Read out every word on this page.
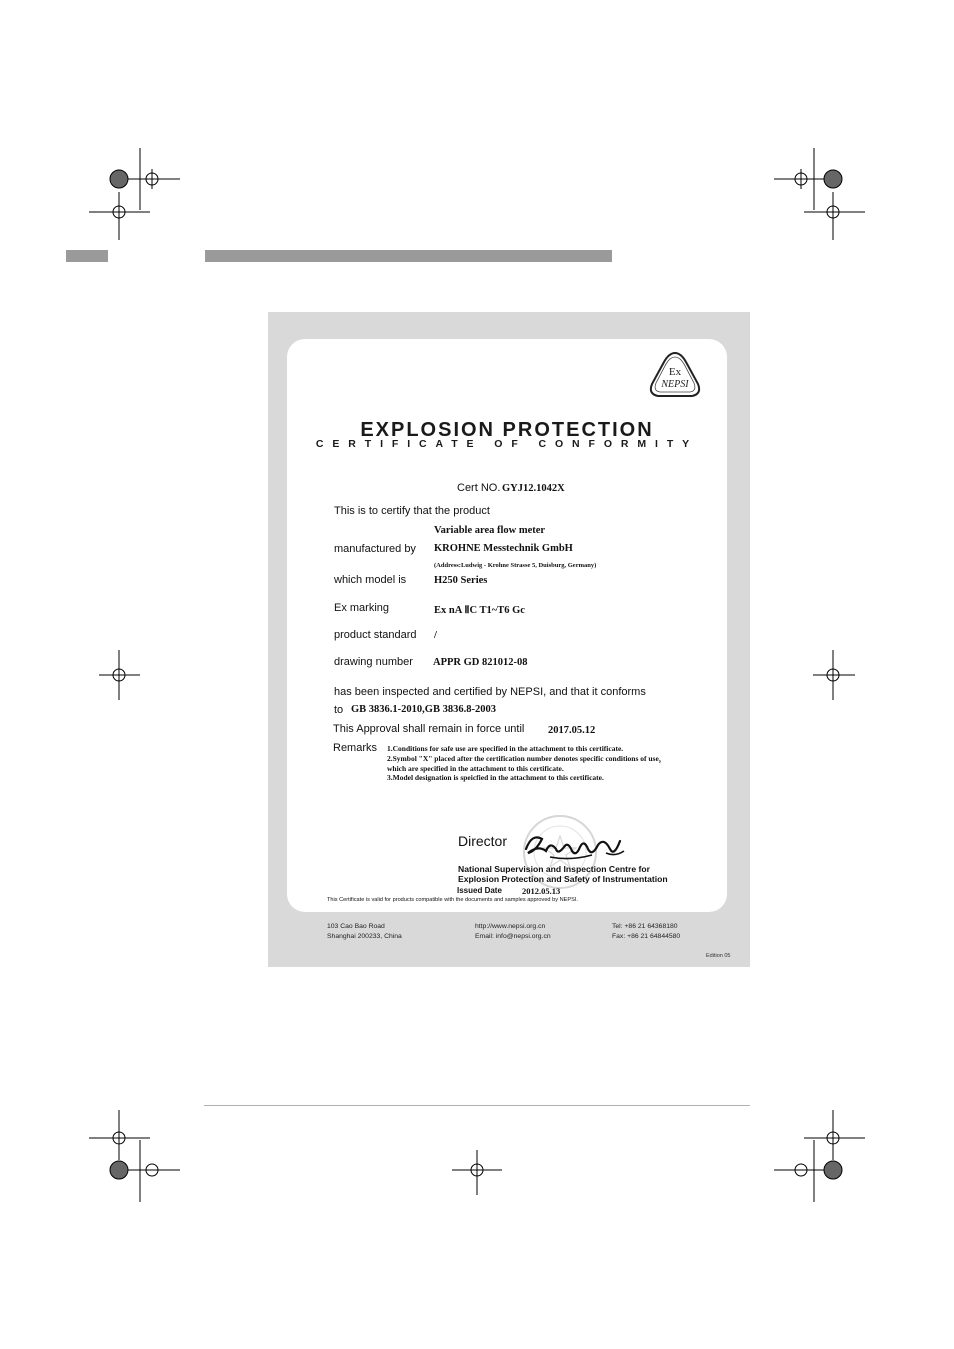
Ex
NEPSI
EXPLOSION PROTECTION
CERTIFICATE OF CONFORMITY
Cert NO. GYJ12.1042X
This is to certify that the product
Variable area flow meter
manufactured by KROHNE Messtechnik GmbH
(Address:Ludwig - Krohne Strasse 5, Duisburg, Germany)
which model is	H250 Series
Ex marking	Ex nA ⅡC T1~T6 Gc
product standard /
drawing number APPR GD 821012-08
has been inspected and certified by NEPSI, and that it conforms
to GB 3836.1-2010,GB 3836.8-2003
This Approval shall remain in force until 2017.05.12
Remarks 1.Conditions for safe use are specified in the attachment to this certificate.
2.Symbol "X" placed after the certification number denotes specific conditions of use，
which are specified in the attachment to this certificate.
3.Model designation is speicfied in the attachment to this certificate.
Director
National Supervision and Inspection Centre for
Explosion Protection and Safety of Instrumentation
Issued Date 2012.05.13
This Certificate is valid for products compatible with the documents and samples approved by NEPSI.
103 Cao Bao Road
Shanghai 200233, China
http://www.nepsi.org.cn
Email: info@nepsi.org.cn
Tel: +86 21 64368180
Fax: +86 21 64844580
Edition 05
